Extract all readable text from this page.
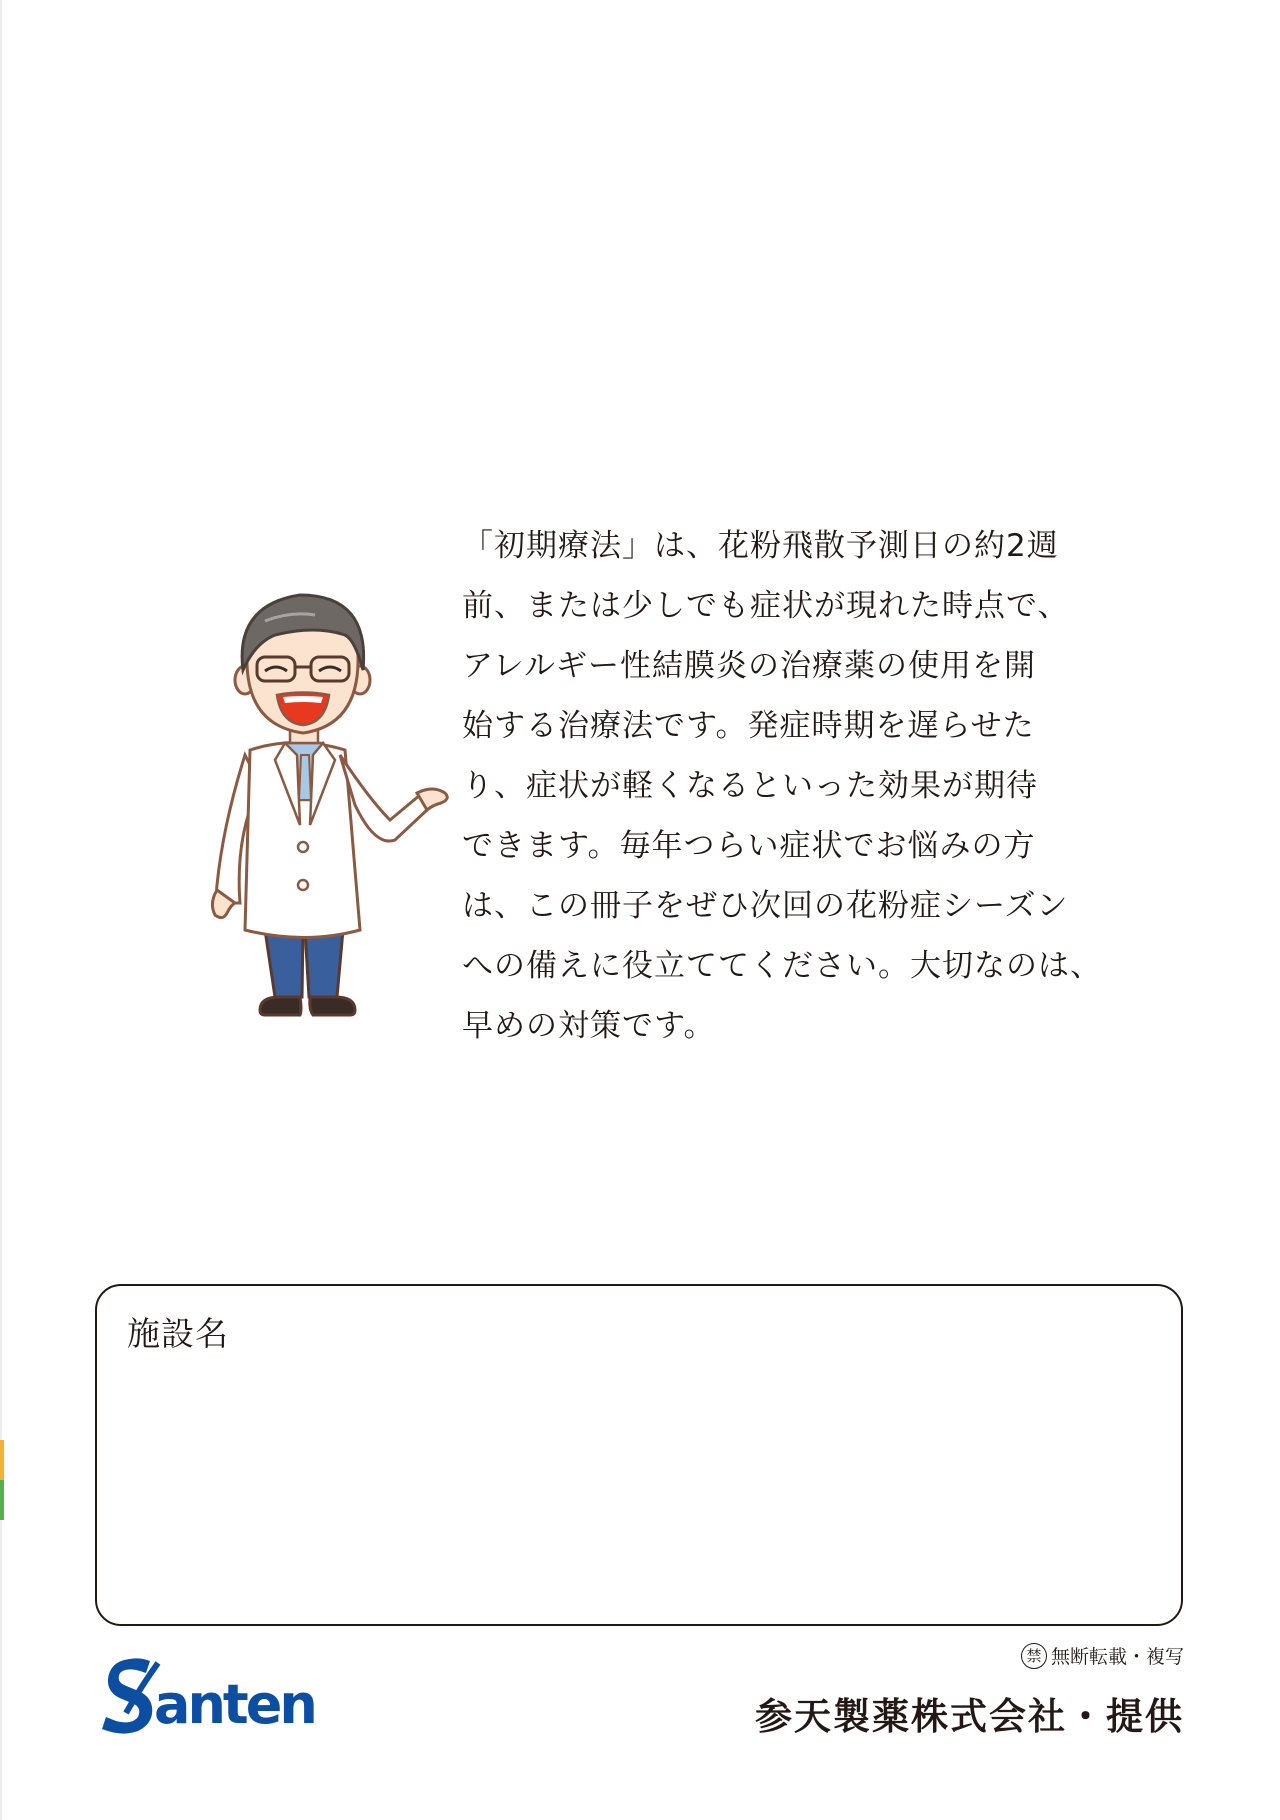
「初期療法」は、花粉飛散予測日の約2週
前、または少しでも症状が現れた時点で、
アレルギー性結膜炎の治療薬の使用を開
始する治療法です。発症時期を遅らせた
り、症状が軽くなるといった効果が期待
できます。毎年つらい症状でお悩みの方
は、この冊子をぜひ次回の花粉症シーズン
への備えに役立ててください。大切なのは、
早めの対策です。
施設名
anten
禁 無断転載・複写
参天製薬株式会社・提供
